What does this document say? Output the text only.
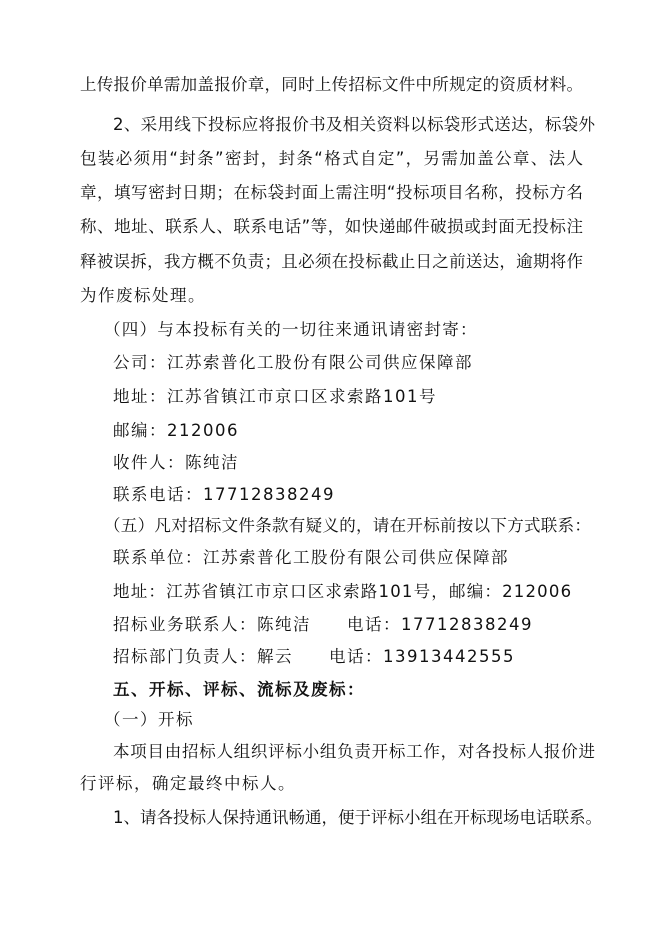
上传报价单需加盖报价章，同时上传招标文件中所规定的资质材料。
2、采用线下投标应将报价书及相关资料以标袋形式送达，标袋外
包装必须用“封条”密封，封条“格式自定”，另需加盖公章、法人
章，填写密封日期；在标袋封面上需注明“投标项目名称，投标方名
称、地址、联系人、联系电话”等，如快递邮件破损或封面无投标注
释被误拆，我方概不负责；且必须在投标截止日之前送达，逾期将作
为作废标处理。
（四）与本投标有关的一切往来通讯请密封寄：
公司：江苏索普化工股份有限公司供应保障部
地址：江苏省镇江市京口区求索路101号
邮编：212006
收件人：陈纯洁
联系电话：17712838249
（五）凡对招标文件条款有疑义的，请在开标前按以下方式联系：
联系单位：江苏索普化工股份有限公司供应保障部
地址：江苏省镇江市京口区求索路101号，邮编：212006
招标业务联系人：陈纯洁　　电话：17712838249
招标部门负责人：解云　　电话：13913442555
五、开标、评标、流标及废标：
（一）开标
本项目由招标人组织评标小组负责开标工作，对各投标人报价进
行评标，确定最终中标人。
1、请各投标人保持通讯畅通，便于评标小组在开标现场电话联系。
